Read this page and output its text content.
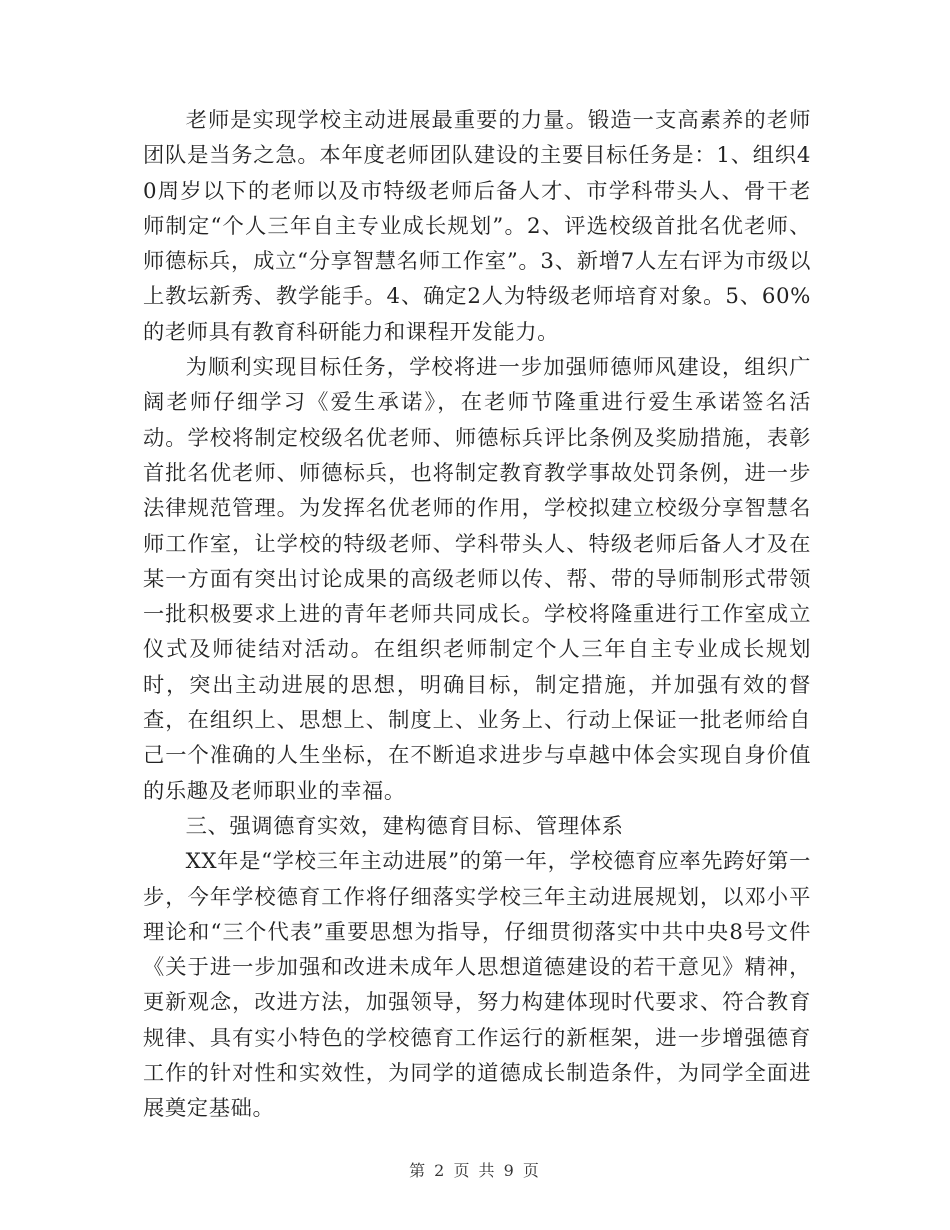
老师是实现学校主动进展最重要的力量。锻造一支高素养的老师团队是当务之急。本年度老师团队建设的主要目标任务是：1、组织40周岁以下的老师以及市特级老师后备人才、市学科带头人、骨干老师制定“个人三年自主专业成长规划”。2、评选校级首批名优老师、师德标兵，成立“分享智慧名师工作室”。3、新增7人左右评为市级以上教坛新秀、教学能手。4、确定2人为特级老师培育对象。5、60%的老师具有教育科研能力和课程开发能力。

为顺利实现目标任务，学校将进一步加强师德师风建设，组织广阔老师仔细学习《爱生承诺》，在老师节隆重进行爱生承诺签名活动。学校将制定校级名优老师、师德标兵评比条例及奖励措施，表彰首批名优老师、师德标兵，也将制定教育教学事故处罚条例，进一步法律规范管理。为发挥名优老师的作用，学校拟建立校级分享智慧名师工作室，让学校的特级老师、学科带头人、特级老师后备人才及在某一方面有突出讨论成果的高级老师以传、帮、带的导师制形式带领一批积极要求上进的青年老师共同成长。学校将隆重进行工作室成立仪式及师徒结对活动。在组织老师制定个人三年自主专业成长规划时，突出主动进展的思想，明确目标，制定措施，并加强有效的督查，在组织上、思想上、制度上、业务上、行动上保证一批老师给自己一个准确的人生坐标，在不断追求进步与卓越中体会实现自身价值的乐趣及老师职业的幸福。

三、强调德育实效，建构德育目标、管理体系

XX年是“学校三年主动进展”的第一年，学校德育应率先跨好第一步，今年学校德育工作将仔细落实学校三年主动进展规划，以邓小平理论和“三个代表”重要思想为指导，仔细贯彻落实中共中央8号文件《关于进一步加强和改进未成年人思想道德建设的若干意见》精神，更新观念，改进方法，加强领导，努力构建体现时代要求、符合教育规律、具有实小特色的学校德育工作运行的新框架，进一步增强德育工作的针对性和实效性，为同学的道德成长制造条件，为同学全面进展奠定基础。

第 2 页 共 9 页
